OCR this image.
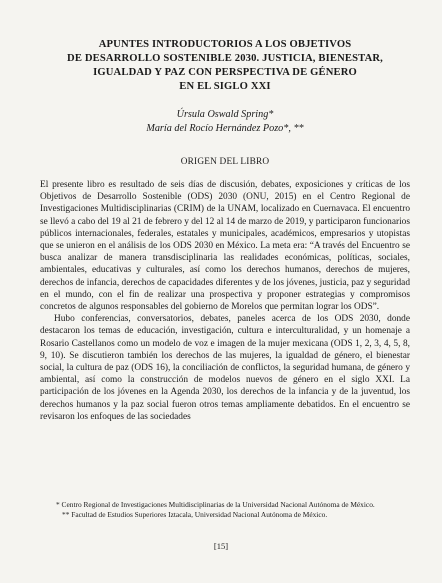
APUNTES INTRODUCTORIOS A LOS OBJETIVOS
DE DESARROLLO SOSTENIBLE 2030. JUSTICIA, BIENESTAR,
IGUALDAD Y PAZ CON PERSPECTIVA DE GÉNERO
EN EL SIGLO XXI
Úrsula Oswald Spring*
María del Rocío Hernández Pozo*, **
ORIGEN DEL LIBRO

El presente libro es resultado de seis días de discusión, debates, exposiciones y críticas de los Objetivos de Desarrollo Sostenible (ODS) 2030 (ONU, 2015) en el Centro Regional de Investigaciones Multidisciplinarias (CRIM) de la UNAM, localizado en Cuernavaca. El encuentro se llevó a cabo del 19 al 21 de febrero y del 12 al 14 de marzo de 2019, y participaron funcionarios públicos internacionales, federales, estatales y municipales, académicos, empresarios y utopistas que se unieron en el análisis de los ODS 2030 en México. La meta era: “A través del Encuentro se busca analizar de manera transdisciplinaria las realidades económicas, políticas, sociales, ambientales, educativas y culturales, así como los derechos humanos, derechos de mujeres, derechos de infancia, derechos de capacidades diferentes y de los jóvenes, justicia, paz y seguridad en el mundo, con el fin de realizar una prospectiva y proponer estrategias y compromisos concretos de algunos responsables del gobierno de Morelos que permitan lograr los ODS”.

Hubo conferencias, conversatorios, debates, paneles acerca de los ODS 2030, donde destacaron los temas de educación, investigación, cultura e interculturalidad, y un homenaje a Rosario Castellanos como un modelo de voz e imagen de la mujer mexicana (ODS 1, 2, 3, 4, 5, 8, 9, 10). Se discutieron también los derechos de las mujeres, la igualdad de género, el bienestar social, la cultura de paz (ODS 16), la conciliación de conflictos, la seguridad humana, de género y ambiental, así como la construcción de modelos nuevos de género en el siglo XXI. La participación de los jóvenes en la Agenda 2030, los derechos de la infancia y de la juventud, los derechos humanos y la paz social fueron otros temas ampliamente debatidos. En el encuentro se revisaron los enfoques de las sociedades

* Centro Regional de Investigaciones Multidisciplinarias de la Universidad Nacional Autónoma de México.

** Facultad de Estudios Superiores Iztacala, Universidad Nacional Autónoma de México.

[15]
